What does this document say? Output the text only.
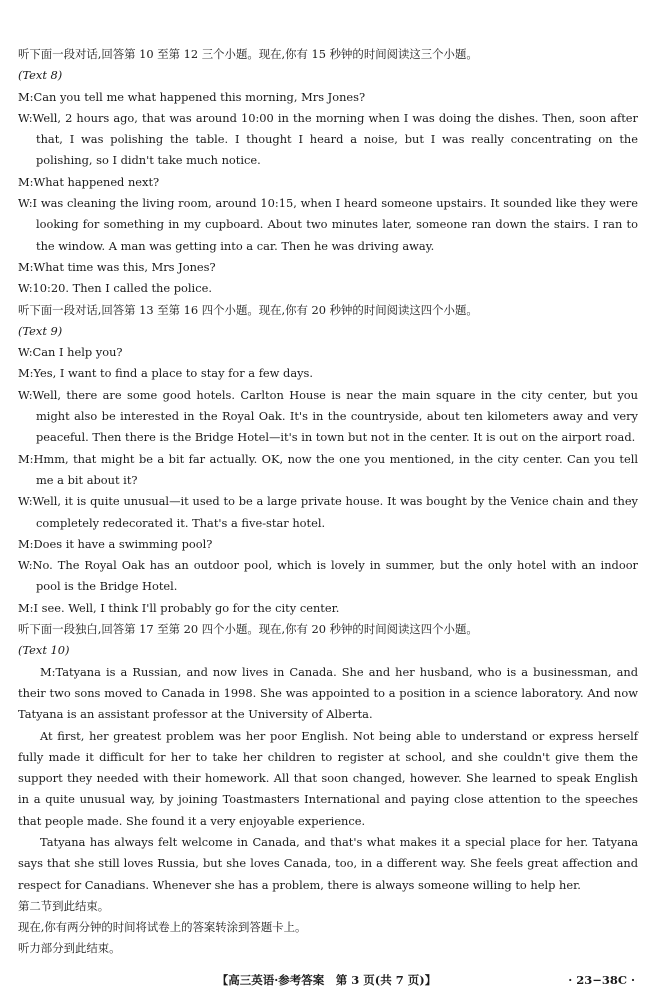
听下面一段对话,回答第 10 至第 12 三个小题。现在,你有 15 秒钟的时间阅读这三个小题。
(Text 8)
M:Can you tell me what happened this morning, Mrs Jones?
W:Well, 2 hours ago, that was around 10:00 in the morning when I was doing the dishes. Then, soon after that, I was polishing the table. I thought I heard a noise, but I was really concentrating on the polishing, so I didn't take much notice.
M:What happened next?
W:I was cleaning the living room, around 10:15, when I heard someone upstairs. It sounded like they were looking for something in my cupboard. About two minutes later, someone ran down the stairs. I ran to the window. A man was getting into a car. Then he was driving away.
M:What time was this, Mrs Jones?
W:10:20. Then I called the police.
听下面一段对话,回答第 13 至第 16 四个小题。现在,你有 20 秒钟的时间阅读这四个小题。
(Text 9)
W:Can I help you?
M:Yes, I want to find a place to stay for a few days.
W:Well, there are some good hotels. Carlton House is near the main square in the city center, but you might also be interested in the Royal Oak. It's in the countryside, about ten kilometers away and very peaceful. Then there is the Bridge Hotel—it's in town but not in the center. It is out on the airport road.
M:Hmm, that might be a bit far actually. OK, now the one you mentioned, in the city center. Can you tell me a bit about it?
W:Well, it is quite unusual—it used to be a large private house. It was bought by the Venice chain and they completely redecorated it. That's a five-star hotel.
M:Does it have a swimming pool?
W:No. The Royal Oak has an outdoor pool, which is lovely in summer, but the only hotel with an indoor pool is the Bridge Hotel.
M:I see. Well, I think I'll probably go for the city center.
听下面一段独白,回答第 17 至第 20 四个小题。现在,你有 20 秒钟的时间阅读这四个小题。
(Text 10)
M:Tatyana is a Russian, and now lives in Canada. She and her husband, who is a businessman, and their two sons moved to Canada in 1998. She was appointed to a position in a science laboratory. And now Tatyana is an assistant professor at the University of Alberta.
At first, her greatest problem was her poor English. Not being able to understand or express herself fully made it difficult for her to take her children to register at school, and she couldn't give them the support they needed with their homework. All that soon changed, however. She learned to speak English in a quite unusual way, by joining Toastmasters International and paying close attention to the speeches that people made. She found it a very enjoyable experience.
Tatyana has always felt welcome in Canada, and that's what makes it a special place for her. Tatyana says that she still loves Russia, but she loves Canada, too, in a different way. She feels great affection and respect for Canadians. Whenever she has a problem, there is always someone willing to help her.
第二节到此结束。
现在,你有两分钟的时间将试卷上的答案转涂到答题卡上。
听力部分到此结束。
【高三英语·参考答案　第 3 页(共 7 页)】	· 23−38C ·
